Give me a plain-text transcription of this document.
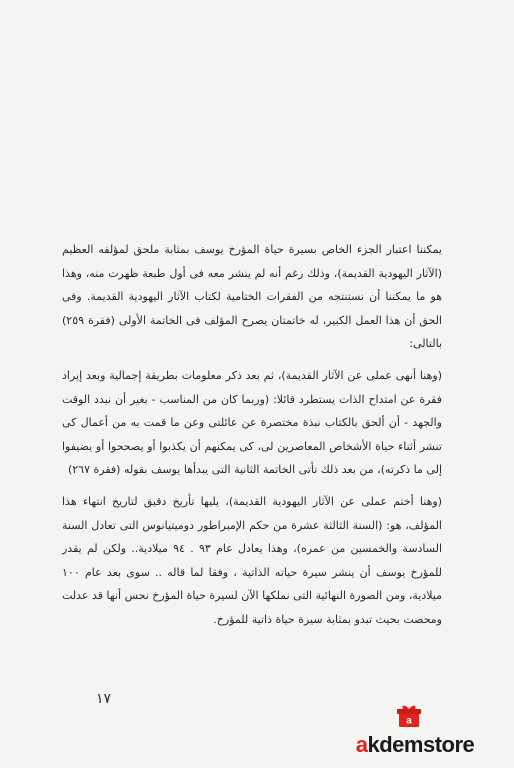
يمكننا اعتبار الجزء الخاص بسيرة حياة المؤرخ يوسف بمثابة ملحق لمؤلفه العظيم (الآثار اليهودية القديمة)، وذلك رغم أنه لم ينشر معه فى أول طبعة ظهرت منه، وهذا هو ما يمكننا أن نستنتجه من الفقرات الختامية لكتاب الآثار اليهودية القديمة. وفى الحق أن هذا العمل الكبير، له خاتمتان يصرح المؤلف فى الخاتمة الأولى (فقرة ٢٥٩) بالتالى:

(وهنا أنهى عملى عن الآثار القديمة)، ثم بعد ذكر معلومات بطريقة إجمالية وبعد إيراد فقرة عن امتداح الذات يستطرد قائلا: (وربما كان من المناسب - بغير أن نبدد الوقت والجهد - أن ألحق بالكتاب نبذة مختصرة عن عائلتى وعن ما قمت به من أعمال كى تنشر أثناء حياة الأشخاص المعاصرين لى، كى يمكنهم أن يكذبوا أو يصححوا أو يضيفوا إلى ما ذكرته)، من بعد ذلك تأتى الخاتمة الثانية التى يبدأها يوسف بقوله (فقرة ٢٦٧)

(وهنا أختم عملى عن الآثار اليهودية القديمة)، يليها تأريخ دقيق لتاريخ انتهاء هذا المؤلف، هو: (السنة الثالثة عشرة من حكم الإمبراطور دوميتيانوس التى تعادل السنة السادسة والخمسين من عمره)، وهذا يعادل عام ٩٣ . ٩٤ ميلادية.. ولكن لم يقدر للمؤرخ يوسف أن ينشر سيرة حياته الذاتية ، وفقا لما قاله .. سوى بعد عام ١٠٠ ميلادية، ومن الصورة النهائية التى نملكها الآن لسيرة حياة المؤرخ نحس أنها قد عدلت ومحصت بحيث تبدو بمثابة سيرة حياة ذاتية للمؤرخ.

١٧
a
akdemstore
